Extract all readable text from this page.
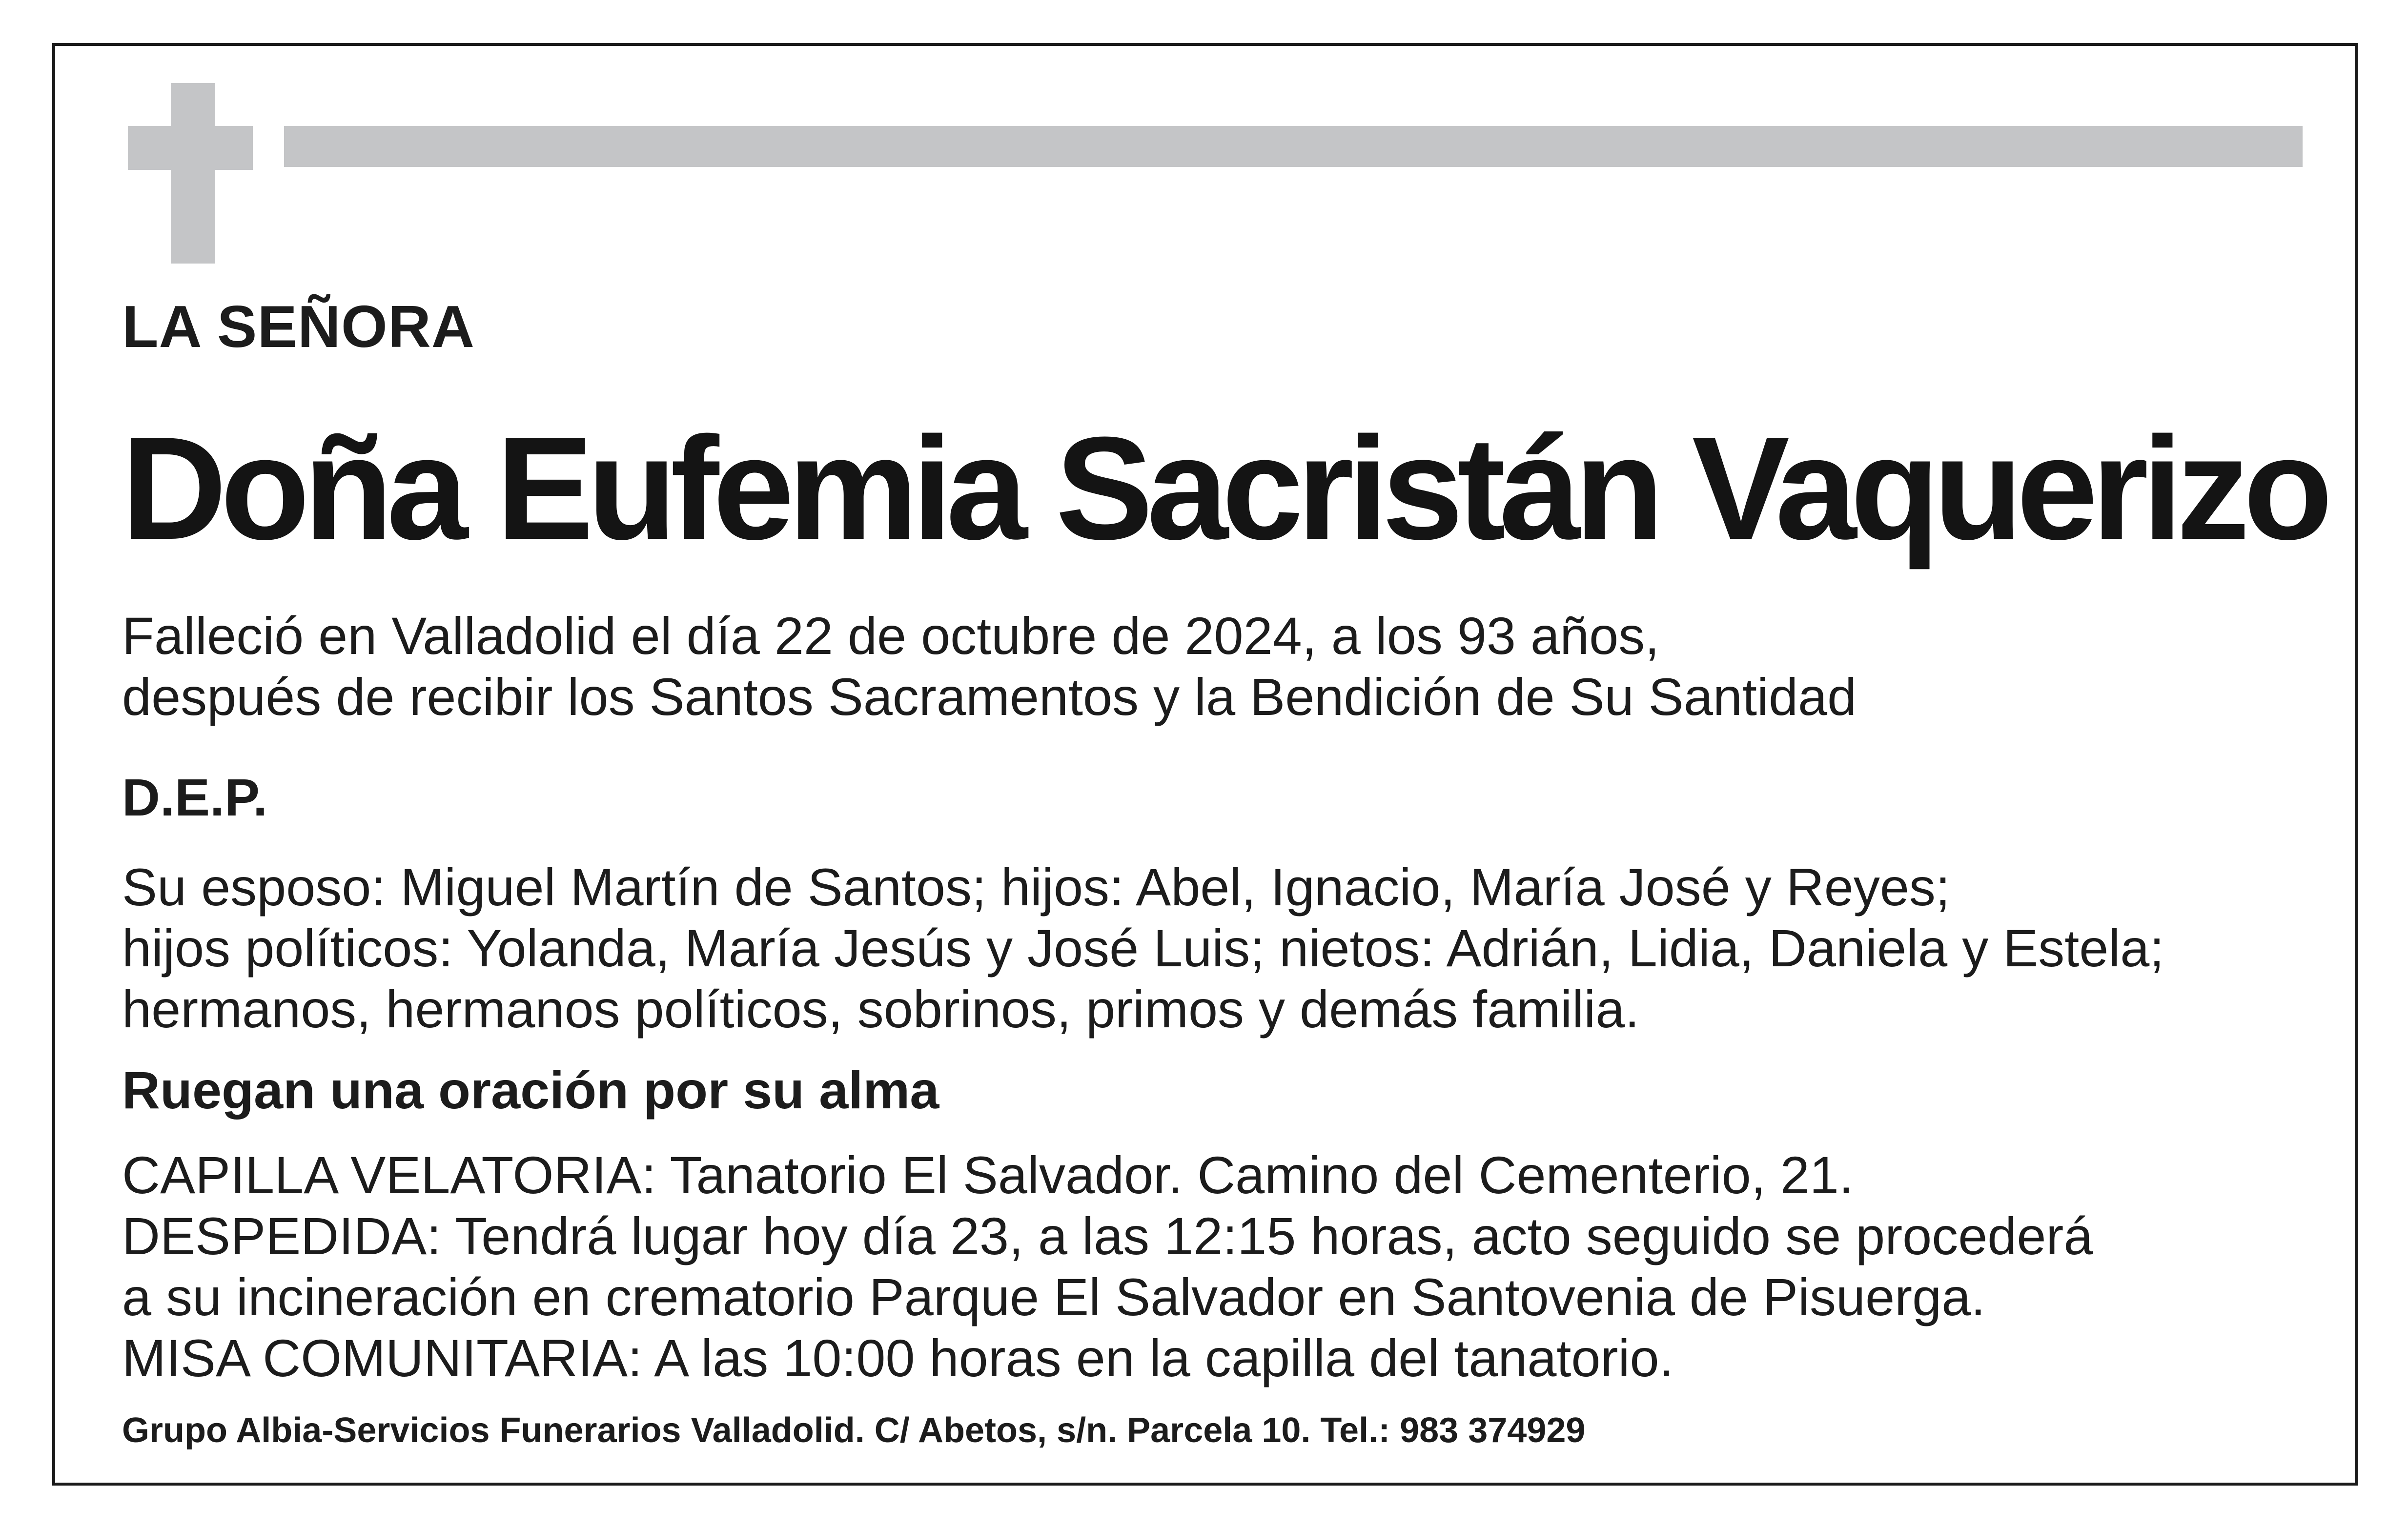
LA SEÑORA
Doña Eufemia Sacristán Vaquerizo
Falleció en Valladolid el día 22 de octubre de 2024, a los 93 años,
después de recibir los Santos Sacramentos y la Bendición de Su Santidad
D.E.P.
Su esposo: Miguel Martín de Santos; hijos: Abel, Ignacio, María José y Reyes;
hijos políticos: Yolanda, María Jesús y José Luis; nietos: Adrián, Lidia, Daniela y Estela;
hermanos, hermanos políticos, sobrinos, primos y demás familia.
Ruegan una oración por su alma
CAPILLA VELATORIA: Tanatorio El Salvador. Camino del Cementerio, 21.
DESPEDIDA: Tendrá lugar hoy día 23, a las 12:15 horas, acto seguido se procederá
a su incineración en crematorio Parque El Salvador en Santovenia de Pisuerga.
MISA COMUNITARIA: A las 10:00 horas en la capilla del tanatorio.
Grupo Albia-Servicios Funerarios Valladolid. C/ Abetos, s/n. Parcela 10. Tel.: 983 374929
